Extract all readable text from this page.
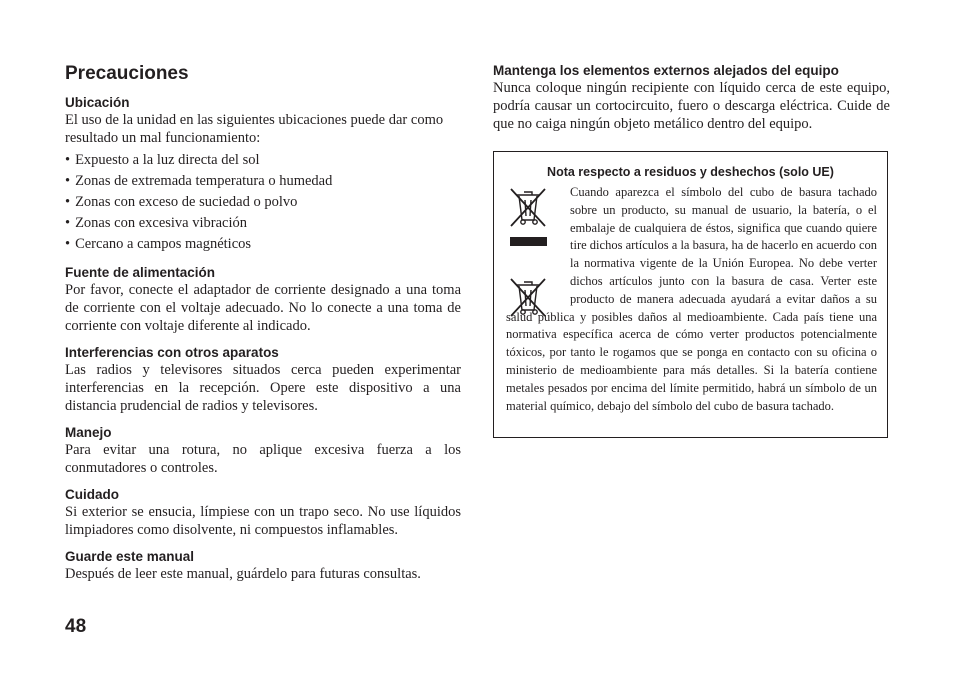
Precauciones
Ubicación

El uso de la unidad en las siguientes ubicaciones puede dar como resultado un mal funcionamiento:

• Expuesto a la luz directa del sol
• Zonas de extremada temperatura o humedad
• Zonas con exceso de suciedad o polvo
• Zonas con excesiva vibración
• Cercano a campos magnéticos
Fuente de alimentación

Por favor, conecte el adaptador de corriente designado a una toma de corriente con el voltaje adecuado. No lo conecte a una toma de corriente con voltaje diferente al indicado.

Interferencias con otros aparatos

Las radios y televisores situados cerca pueden experimentar interferencias en la recepción. Opere este dispositivo a una distancia prudencial de radios y televisores.

Manejo

Para evitar una rotura, no aplique excesiva fuerza a los conmutadores o controles.

Cuidado

Si exterior se ensucia, límpiese con un trapo seco. No use líquidos limpiadores como disolvente, ni compuestos inflamables.

Guarde este manual

Después de leer este manual, guárdelo para futuras consultas.

Mantenga los elementos externos alejados del equipo

Nunca coloque ningún recipiente con líquido cerca de este equipo, podría causar un cortocircuito, fuero o descarga eléctrica. Cuide de que no caiga ningún objeto metálico dentro del equipo.

Nota respecto a residuos y deshechos (solo UE)

Cuando aparezca el símbolo del cubo de basura tachado sobre un producto, su manual de usuario, la batería, o el embalaje de cualquiera de éstos, significa que cuando quiere tire dichos artículos a la basura, ha de hacerlo en acuerdo con la normativa vigente de la Unión Europea. No debe verter dichos artículos junto con la basura de casa. Verter este producto de manera adecuada ayudará a evitar daños a su salud pública y posibles daños al medioambiente. Cada país tiene una normativa específica acerca de cómo verter productos potencialmente tóxicos, por tanto le rogamos que se ponga en contacto con su oficina o ministerio de medioambiente para más detalles. Si la batería contiene metales pesados por encima del límite permitido, habrá un símbolo de un material químico, debajo del símbolo del cubo de basura tachado.

48
